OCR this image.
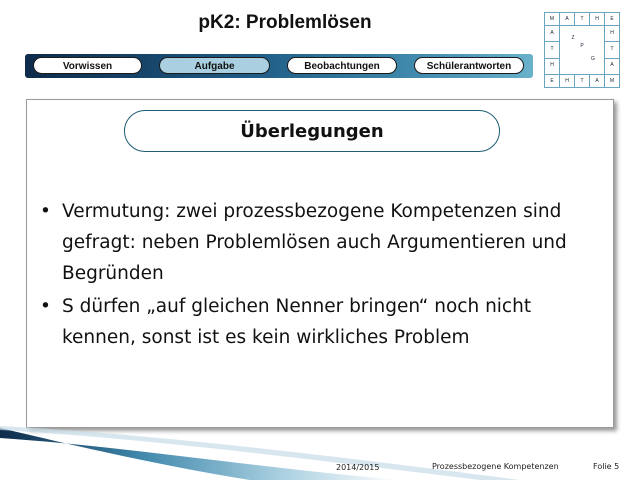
pK2: Problemlösen
Vorwissen	Aufgabe	Beobachtungen	Schülerantworten
M	A	T	H	E
A
T
H
H
T
A
Z
P
G
E	H	T	A	M
Überlegungen
• Vermutung: zwei prozessbezogene Kompetenzen sind gefragt: neben Problemlösen auch Argumentieren und Begründen
• S dürfen „auf gleichen Nenner bringen“ noch nicht kennen, sonst ist es kein wirkliches Problem
2014/2015	Prozessbezogene Kompetenzen	Folie 5
